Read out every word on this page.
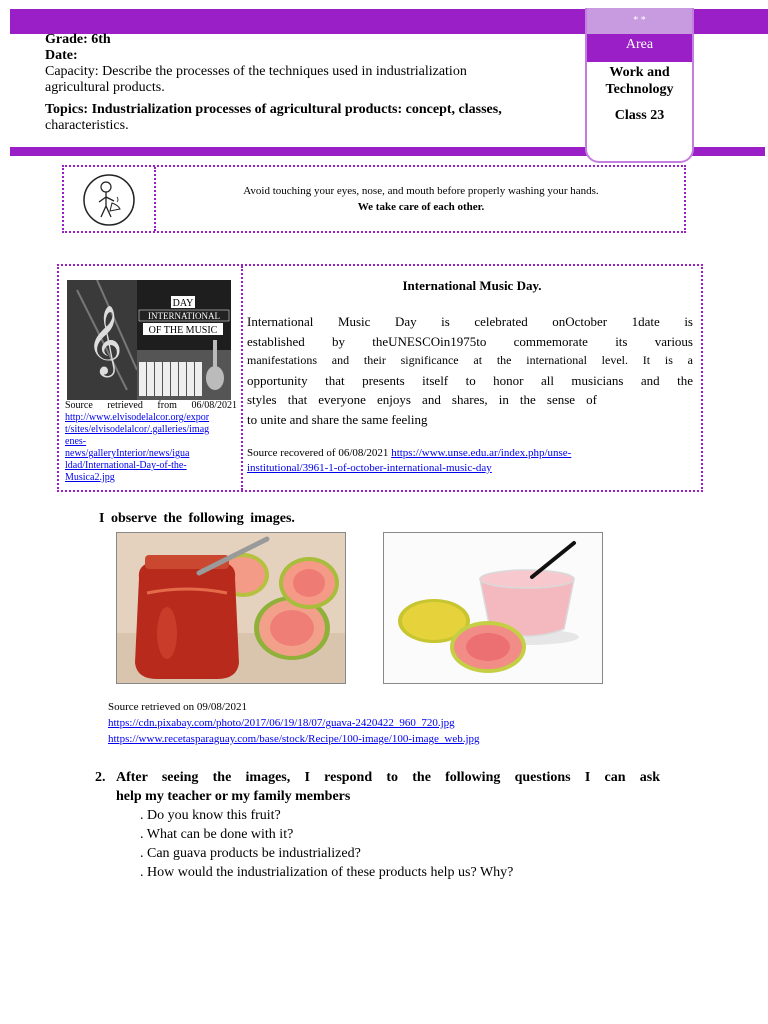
Grade: 6th
Date:
Capacity: Describe the processes of the techniques used in industrialization
agricultural products.
Topics: Industrialization processes of agricultural products: concept, classes,
characteristics.
* *
Area
Work and
Technology
Class 23
Avoid touching your eyes, nose, and mouth before properly washing your hands.
We take care of each other.
𝄞
DAY
INTERNATIONAL
OF THE MUSIC
Source retrieved from 06/08/2021
http://www.elvisodelalcor.org/expor
t/sites/elvisodelalcor/.galleries/imag
enes-
news/galleryInterior/news/igua
ldad/International-Day-of-the-
Musica2.jpg
International Music Day.
International Music Day is celebrated onOctober 1date is
established by theUNESCOin1975to commemorate its various
manifestations and their significance at the international level. It is a
opportunity that presents itself to honor all musicians and the
styles that everyone enjoys and shares, in the sense of
to unite and share the same feeling
Source recovered of 06/08/2021 https://www.unse.edu.ar/index.php/unse-
institutional/3961-1-of-october-international-music-day
I observe the following images.
Source retrieved on 09/08/2021
https://cdn.pixabay.com/photo/2017/06/19/18/07/guava-2420422_960_720.jpg
https://www.recetasparaguay.com/base/stock/Recipe/100-image/100-image_web.jpg
2. After seeing the images, I respond to the following questions I can ask
help my teacher or my family members
. Do you know this fruit?
. What can be done with it?
. Can guava products be industrialized?
. How would the industrialization of these products help us? Why?
